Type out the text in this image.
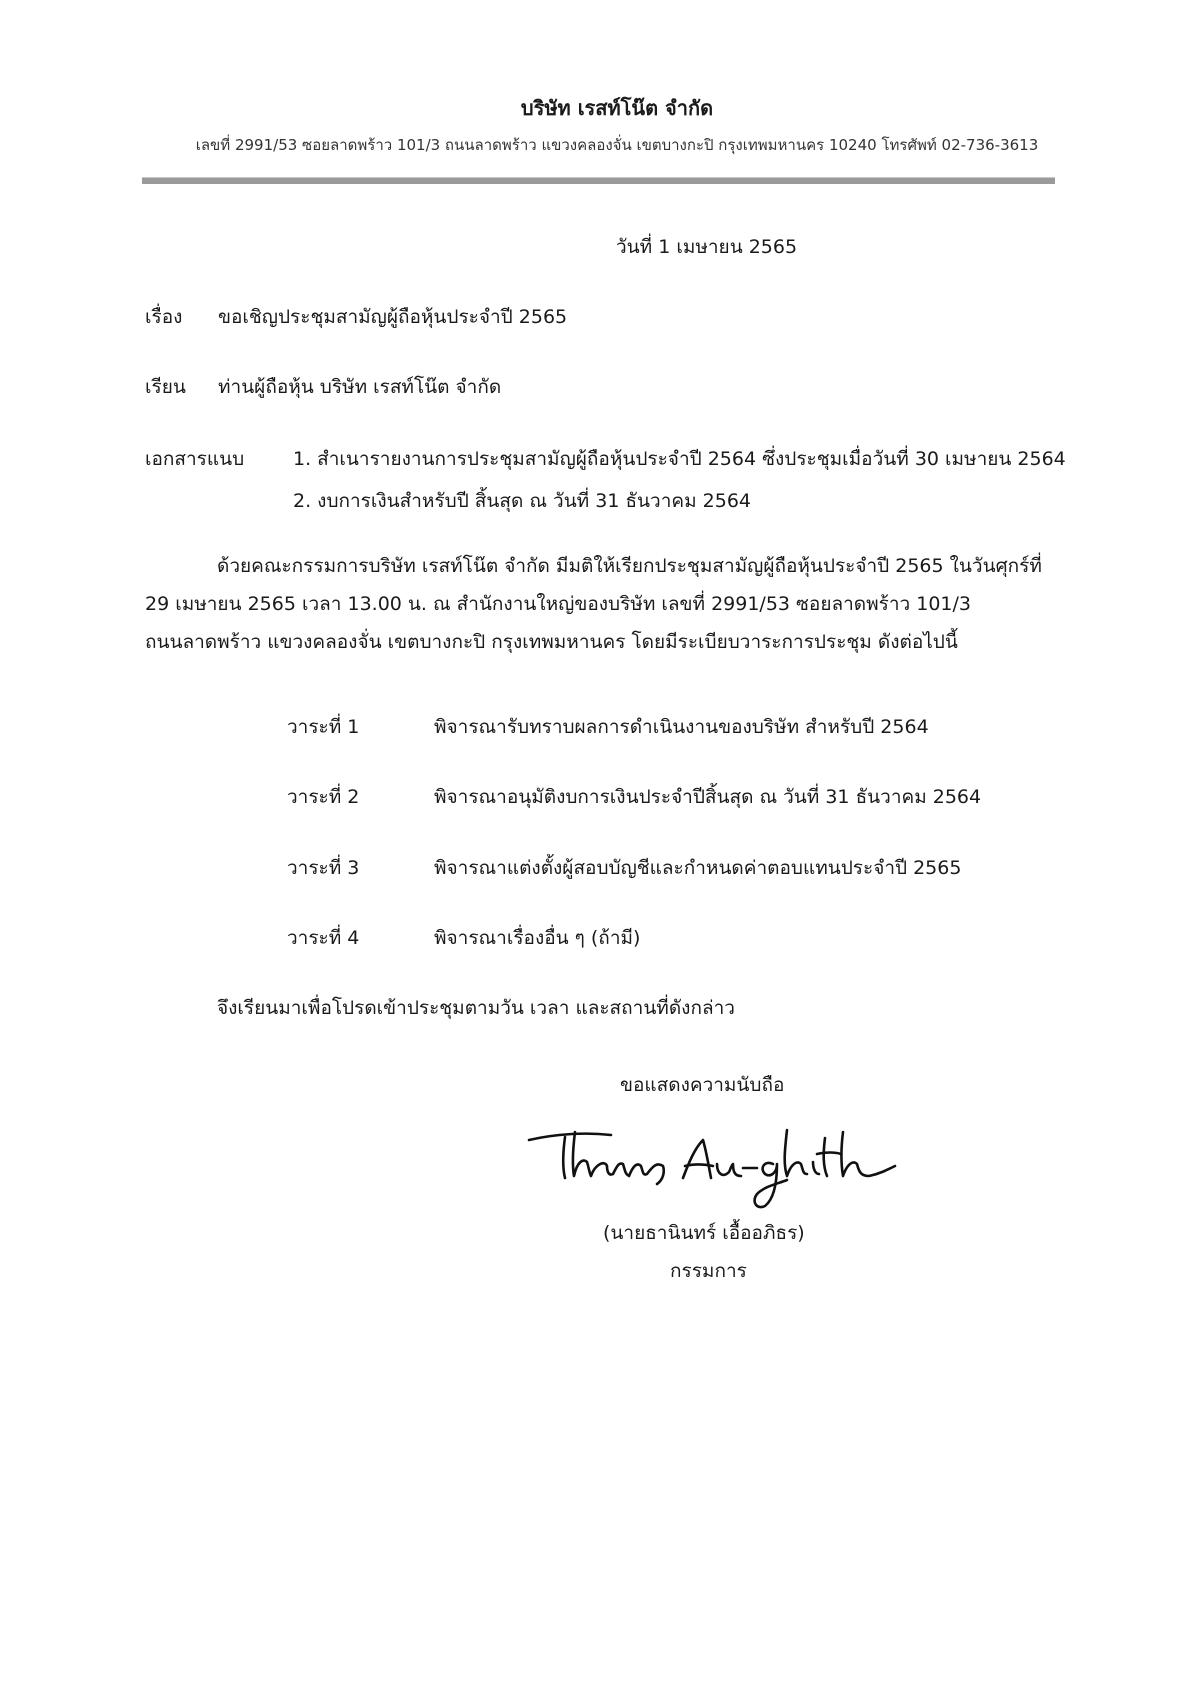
บริษัท เรสท์โน๊ต จำกัด
เลขที่ 2991/53 ซอยลาดพร้าว 101/3 ถนนลาดพร้าว แขวงคลองจั่น เขตบางกะปิ กรุงเทพมหานคร 10240 โทรศัพท์ 02-736-3613
วันที่ 1 เมษายน 2565
เรื่อง ขอเชิญประชุมสามัญผู้ถือหุ้นประจำปี 2565
เรียน ท่านผู้ถือหุ้น บริษัท เรสท์โน๊ต จำกัด
เอกสารแนบ	1. สำเนารายงานการประชุมสามัญผู้ถือหุ้นประจำปี 2564 ซึ่งประชุมเมื่อวันที่ 30 เมษายน 2564
2. งบการเงินสำหรับปี สิ้นสุด ณ วันที่ 31 ธันวาคม 2564
ด้วยคณะกรรมการบริษัท เรสท์โน๊ต จำกัด มีมติให้เรียกประชุมสามัญผู้ถือหุ้นประจำปี 2565 ในวันศุกร์ที่
29 เมษายน 2565 เวลา 13.00 น. ณ สำนักงานใหญ่ของบริษัท เลขที่ 2991/53 ซอยลาดพร้าว 101/3
ถนนลาดพร้าว แขวงคลองจั่น เขตบางกะปิ กรุงเทพมหานคร โดยมีระเบียบวาระการประชุม ดังต่อไปนี้
วาระที่ 1	พิจารณารับทราบผลการดำเนินงานของบริษัท สำหรับปี 2564
วาระที่ 2	พิจารณาอนุมัติงบการเงินประจำปีสิ้นสุด ณ วันที่ 31 ธันวาคม 2564
วาระที่ 3	พิจารณาแต่งตั้งผู้สอบบัญชีและกำหนดค่าตอบแทนประจำปี 2565
วาระที่ 4	พิจารณาเรื่องอื่น ๆ (ถ้ามี)
จึงเรียนมาเพื่อโปรดเข้าประชุมตามวัน เวลา และสถานที่ดังกล่าว
ขอแสดงความนับถือ
(นายธานินทร์ เอื้ออภิธร)
กรรมการ
